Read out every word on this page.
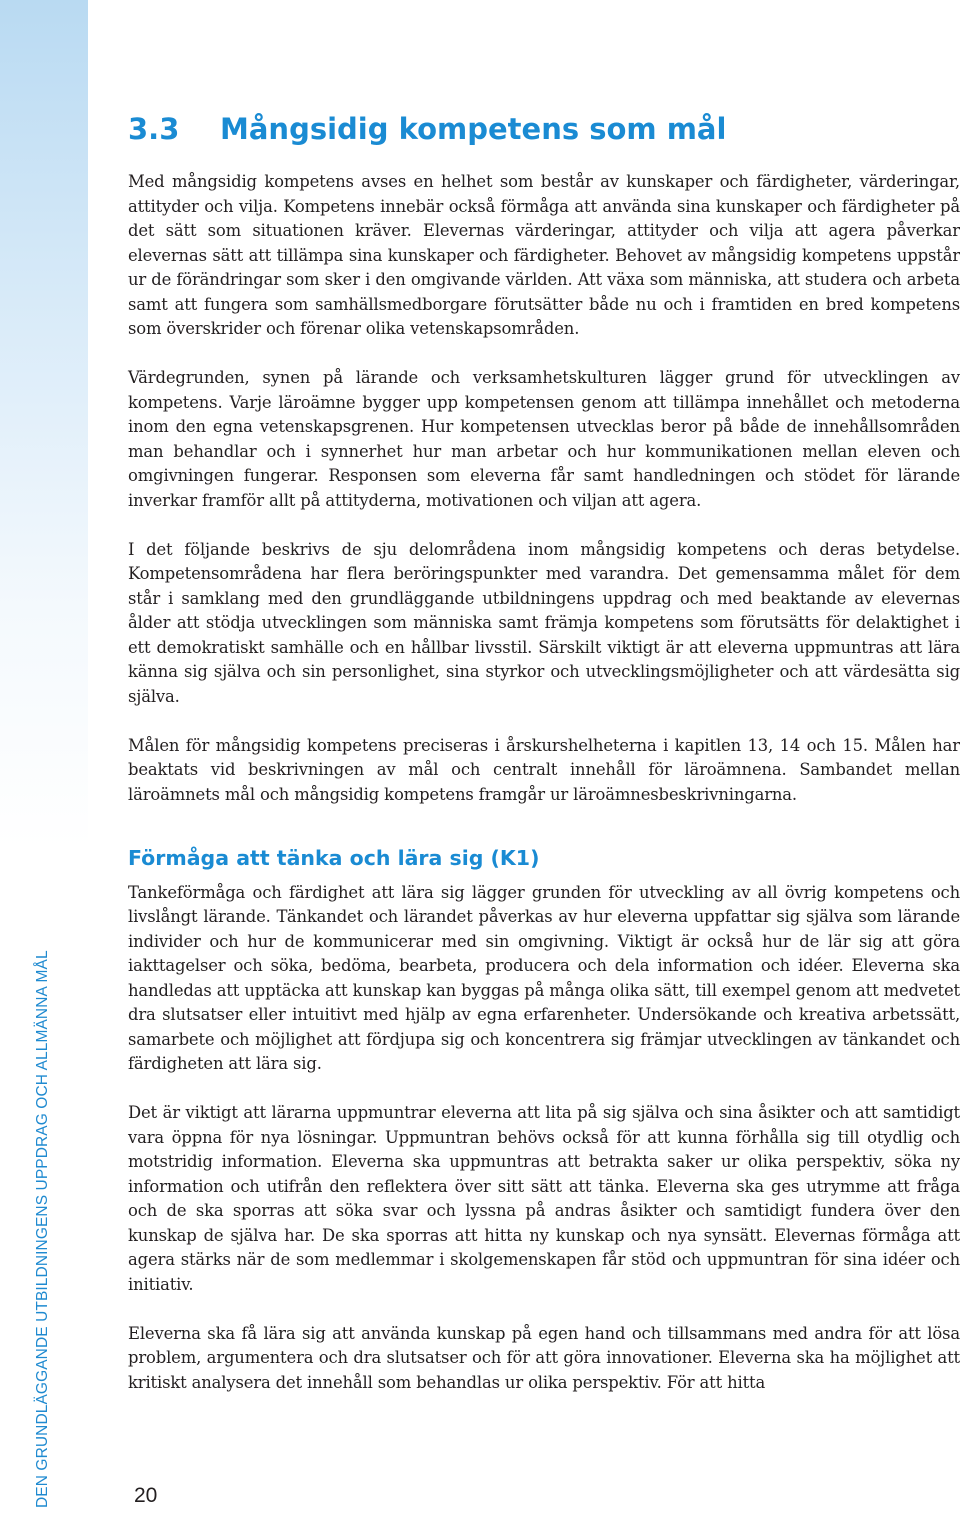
DEN GRUNDLÄGGANDE UTBILDNINGENS UPPDRAG OCH ALLMÄNNA MÅL
3.3	Mångsidig kompetens som mål

Med mångsidig kompetens avses en helhet som består av kunskaper och färdigheter, värderingar, attityder och vilja. Kompetens innebär också förmåga att använda sina kunskaper och färdigheter på det sätt som situationen kräver. Elevernas värderingar, attityder och vilja att agera påverkar elevernas sätt att tillämpa sina kunskaper och färdigheter. Behovet av mångsidig kompetens uppstår ur de förändringar som sker i den omgivande världen. Att växa som människa, att studera och arbeta samt att fungera som samhällsmedborgare förutsätter både nu och i framtiden en bred kompetens som överskrider och förenar olika vetenskapsområden.

Värdegrunden, synen på lärande och verksamhetskulturen lägger grund för utvecklingen av kompetens. Varje läroämne bygger upp kompetensen genom att tillämpa innehållet och metoderna inom den egna vetenskapsgrenen. Hur kompetensen utvecklas beror på både de innehållsområden man behandlar och i synnerhet hur man arbetar och hur kommunikationen mellan eleven och omgivningen fungerar. Responsen som eleverna får samt handledningen och stödet för lärande inverkar framför allt på attityderna, motivationen och viljan att agera.

I det följande beskrivs de sju delområdena inom mångsidig kompetens och deras betydelse. Kompetensområdena har flera beröringspunkter med varandra. Det gemensamma målet för dem står i samklang med den grundläggande utbildningens uppdrag och med beaktande av elevernas ålder att stödja utvecklingen som människa samt främja kompetens som förutsätts för delaktighet i ett demokratiskt samhälle och en hållbar livsstil. Särskilt viktigt är att eleverna uppmuntras att lära känna sig själva och sin personlighet, sina styrkor och utvecklingsmöjligheter och att värdesätta sig själva.

Målen för mångsidig kompetens preciseras i årskurshelheterna i kapitlen 13, 14 och 15. Målen har beaktats vid beskrivningen av mål och centralt innehåll för läroämnena. Sambandet mellan läroämnets mål och mångsidig kompetens framgår ur läroämnesbeskrivningarna.

Förmåga att tänka och lära sig (K1)

Tankeförmåga och färdighet att lära sig lägger grunden för utveckling av all övrig kompetens och livslångt lärande. Tänkandet och lärandet påverkas av hur eleverna uppfattar sig själva som lärande individer och hur de kommunicerar med sin omgivning. Viktigt är också hur de lär sig att göra iakttagelser och söka, bedöma, bearbeta, producera och dela information och idéer. Eleverna ska handledas att upptäcka att kunskap kan byggas på många olika sätt, till exempel genom att medvetet dra slutsatser eller intuitivt med hjälp av egna erfarenheter. Undersökande och kreativa arbetssätt, samarbete och möjlighet att fördjupa sig och koncentrera sig främjar utvecklingen av tänkandet och färdigheten att lära sig.

Det är viktigt att lärarna uppmuntrar eleverna att lita på sig själva och sina åsikter och att samtidigt vara öppna för nya lösningar. Uppmuntran behövs också för att kunna förhålla sig till otydlig och motstridig information. Eleverna ska uppmuntras att betrakta saker ur olika perspektiv, söka ny information och utifrån den reflektera över sitt sätt att tänka. Eleverna ska ges utrymme att fråga och de ska sporras att söka svar och lyssna på andras åsikter och samtidigt fundera över den kunskap de själva har. De ska sporras att hitta ny kunskap och nya synsätt. Elevernas förmåga att agera stärks när de som medlemmar i skolgemenskapen får stöd och uppmuntran för sina idéer och initiativ.

Eleverna ska få lära sig att använda kunskap på egen hand och tillsammans med andra för att lösa problem, argumentera och dra slutsatser och för att göra innovationer. Eleverna ska ha möjlighet att kritiskt analysera det innehåll som behandlas ur olika perspektiv. För att hitta

20
